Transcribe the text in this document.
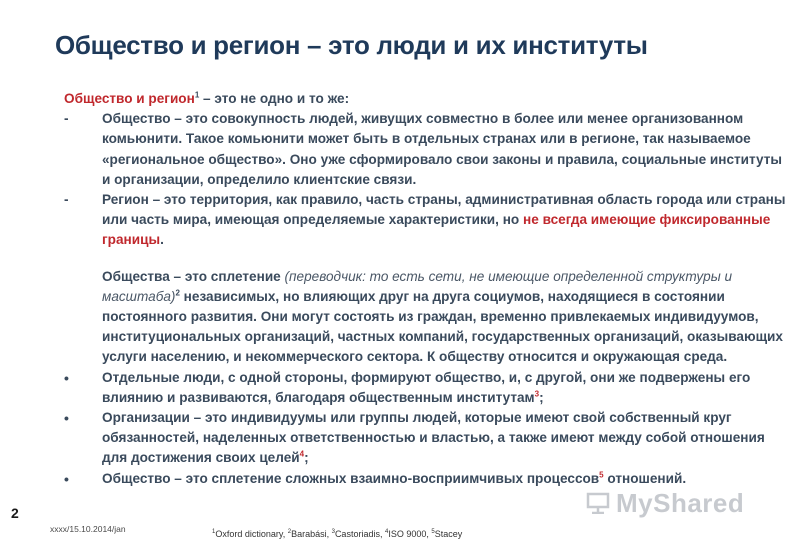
Общество и регион – это люди и их институты
Общество и регион$^1$ – это не одно и то же:
- Общество – это совокупность людей, живущих совместно в более или менее организованном комьюнити. Такое комьюнити может быть в отдельных странах или в регионе, так называемое «региональное общество». Оно уже сформировало свои законы и правила, социальные институты и организации, определило клиентские связи.
- Регион – это территория, как правило, часть страны, административная область города или страны или часть мира, имеющая определяемые характеристики, но не всегда имеющие фиксированные границы.
Общества – это сплетение (переводчик: то есть сети, не имеющие определенной структуры и масштаба)$^2$ независимых, но влияющих друг на друга социумов, находящиеся в состоянии постоянного развития. Они могут состоять из граждан, временно привлекаемых индивидуумов, институциональных организаций, частных компаний, государственных организаций, оказывающих услуги населению, и некоммерческого сектора. К обществу относится и окружающая среда.
• Отдельные люди, с одной стороны, формируют общество, и, с другой, они же подвержены его влиянию и развиваются, благодаря общественным институтам$^3$;
• Организации – это индивидуумы или группы людей, которые имеют свой собственный круг обязанностей, наделенных ответственностью и властью, а также имеют между собой отношения для достижения своих целей$^4$;
• Общество – это сплетение сложных взаимно-восприимчивых процессов$^5$ отношений.
2
xxxx/15.10.2014/jan	$^1$Oxford dictionary, $^2$Barabási, $^3$Castoriadis, $^4$ISO 9000, $^5$Stacey
MyShared
